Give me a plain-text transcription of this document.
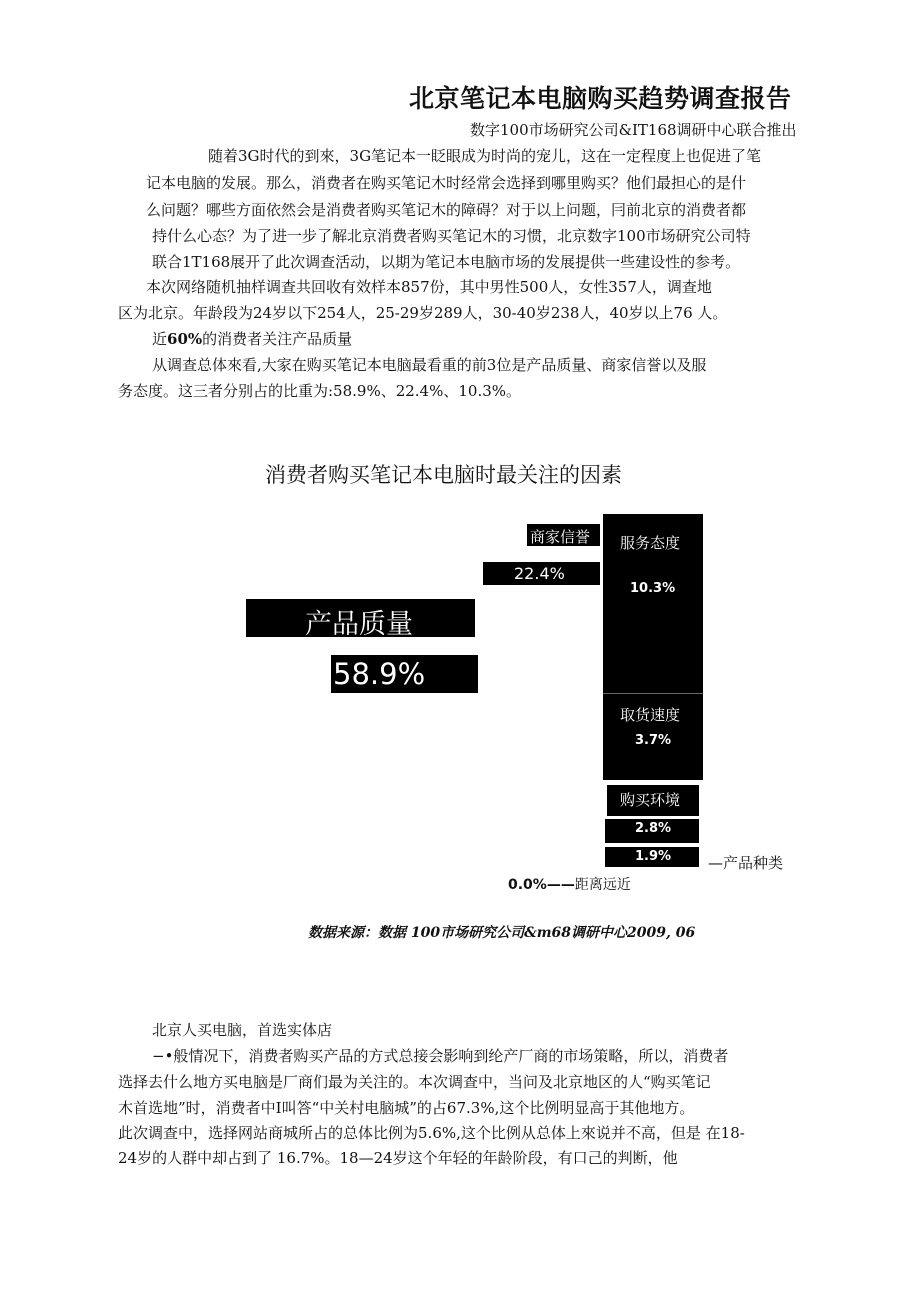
北京笔记本电脑购买趋势调查报告
数字100市场研究公司&IT168调研中心联合推出
随着3G时代的到來，3G笔记本一眨眼成为时尚的宠儿，这在一定程度上也促进了笔
记本电脑的发展。那么，消费者在购买笔记木时经常会选择到哪里购买？他们最担心的是什
么问题？哪些方面依然会是消费者购买笔记木的障碍？对于以上问题，冃前北京的消费者都
持什么心态？为了进一步了解北京消费者购买笔记木的习惯，北京数字100市场研究公司特
联合1T168展开了此次调查活动，以期为笔记本电脑市场的发展提供一些建设性的参考。
本次网络随机抽样调查共回收有效样本857份，其中男性500人，女性357人，调查地
区为北京。年龄段为24岁以下254人，25-29岁289人，30-40岁238人，40岁以上76 人。
近60%的消费者关注产品质量
从调查总体來看,大家在购买笔记本电脑最看重的前3位是产品质量、商家信誉以及服
务态度。这三者分别占的比重为:58.9%、22.4%、10.3%。
消费者购买笔记本电脑时最关注的因素
产品质量
58.9%
商家信誉
22.4%
服务态度
10.3%
取货速度
3.7%
购买环境
2.8%
1.9% —产品种类
0.0%——距离远近
数据来源：数据 100市场研究公司&m68调研中心2009, 06
北京人买电脑，首选实体店
−•般情况下，消费者购买产品的方式总接会影响到纶产厂商的市场策略，所以，消费者
选择去什么地方买电脑是厂商们最为关注的。本次调查中，当问及北京地区的人“购买笔记
木首选地”时，消费者中I叫答“中关村电脑城”的占67.3%,这个比例明显高于其他地方。
此次调查中，选择网站商城所占的总体比例为5.6%,这个比例从总体上來说并不高，但是 在18-
24岁的人群中却占到了 16.7%。18—24岁这个年轻的年龄阶段，有口己的判断，他
